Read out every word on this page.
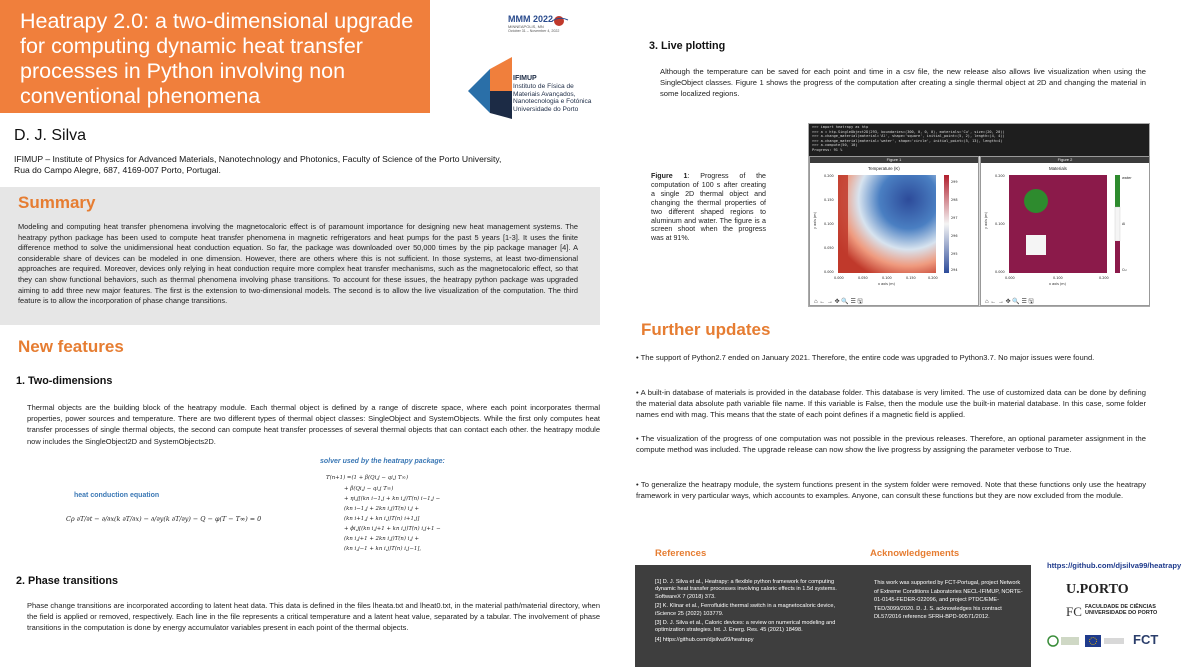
Heatrapy 2.0: a two-dimensional upgrade for computing dynamic heat transfer processes in Python involving non conventional phenomena
D. J. Silva
IFIMUP – Institute of Physics for Advanced Materials, Nanotechnology and Photonics, Faculty of Science of the Porto University, Rua do Campo Alegre, 687, 4169-007 Porto, Portugal.
MMM 2022
MINNEAPOLIS, MN
October 31 – November 4, 2022
IFIMUP
Instituto de Física de
Materiais Avançados,
Nanotecnologia e Fotónica
Universidade do Porto
Summary
Modeling and computing heat transfer phenomena involving the magnetocaloric effect is of paramount importance for designing new heat management systems. The heatrapy python package has been used to compute heat transfer phenomena in magnetic refrigerators and heat pumps for the past 5 years [1-3]. It uses the finite difference method to solve the unidimensional heat conduction equation. So far, the package was downloaded over 50,000 times by the pip package manager [4]. A considerable share of devices can be modeled in one dimension. However, there are others where this is not sufficient. In those systems, at least two-dimensional approaches are required. Moreover, devices only relying in heat conduction require more complex heat transfer mechanisms, such as the magnetocaloric effect, so that they can show functional behaviors, such as thermal phenomena involving phase transitions. To account for these issues, the heatrapy python package was upgraded aiming to add three new major features. The first is the extension to two-dimensional models. The second is to allow the live visualization of the computation. The third feature is to allow the incorporation of phase change transitions.
New features
1. Two-dimensions
Thermal objects are the building block of the heatrapy module. Each thermal object is defined by a range of discrete space, where each point incorporates thermal properties, power sources and temperature. There are two different types of thermal object classes: SingleObject and SystemObjects. While the first only computes heat transfer processes of single thermal objects, the second can compute heat transfer processes of several thermal objects that can contact each other. the heatrapy module now includes the SingleObject2D and SystemObjects2D.
solver used by the heatrapy package:
heat conduction equation
Cρ ∂T/∂t − ∂/∂x(k ∂T/∂x) − ∂/∂y(k ∂T/∂y) − Q − φ(T − T∞) = 0
T(n+1) =(1 + β(Qi,j − qi,j T∞)
+ β(Qi,j − qi,j T∞)
+ ηi,j[(kn i−1,j + kn i,j)T(n) i−1,j −
(kn i−1,j + 2kn i,j)T(n) i,j +
(kn i+1,j + kn i,j)T(n) i+1,j]
+ ϕi,j[(kn i,j+1 + kn i,j)T(n) i,j+1 −
(kn i,j+1 + 2kn i,j)T(n) i,j +
(kn i,j−1 + kn i,j)T(n) i,j−1],
2. Phase transitions
Phase change transitions are incorporated according to latent heat data. This data is defined in the files lheata.txt and lheat0.txt, in the material path/material directory, when the field is applied or removed, respectively. Each line in the file represents a critical temperature and a latent heat value, separated by a tabular. The involvement of phase transitions in the computation is done by energy accumulator variables present in each point of the thermal objects.
3. Live plotting
Although the temperature can be saved for each point and time in a csv file, the new release also allows live visualization when using the SingleObject classes. Figure 1 shows the progress of the computation after creating a single thermal object at 2D and changing the material in some localized regions.
Figure 1: Progress of the computation of 100 s after creating a single 2D thermal object and changing the thermal properties of two different shaped regions to aluminum and water. The figure is a screen shoot when the progress was at 91%.
>>> import heatrapy as htp
>>> a = htp.SingleObject2D(293, boundaries=(300, 0, 0, 0), materials='Cu', size=(20, 20))
>>> a.change_material(material='Al', shape='square', initial_point=(5, 2), length=(4, 4))
>>> a.change_material(material='water', shape='circle', initial_point=(5, 13), length=4)
>>> a.compute(50, 10)
Progress: 91 %
Figure 1
Temperature (K)
299
298
297
296
295
294
0.200
0.150
0.100
0.050
0.000
0.000	0.050	0.100	0.150	0.200
x axis (m)
y axis (m)
⌂ ← → ✥ 🔍 ☰ 🖫
Figure 2
Materials
water
Al
Cu
0.200
0.100
0.000
0.000	0.100	0.200
x axis (m)
y axis (m)
⌂ ← → ✥ 🔍 ☰ 🖫
Further updates
• The support of Python2.7 ended on January 2021. Therefore, the entire code was upgraded to Python3.7. No major issues were found.
• A built-in database of materials is provided in the database folder. This database is very limited. The use of customized data can be done by defining the material data absolute path variable file name. If this variable is False, then the module use the built-in material database. In this case, some folder names end with mag. This means that the state of each point defines if a magnetic field is applied.
• The visualization of the progress of one computation was not possible in the previous releases. Therefore, an optional parameter assignment in the compute method was included. The upgrade release can now show the live progress by assigning the parameter verbose to True.
• To generalize the heatrapy module, the system functions present in the system folder were removed. Note that these functions only use the heatrapy framework in very particular ways, which accounts to examples. Anyone, can consult these functions but they are now excluded from the module.
References	Acknowledgements
[1] D. J. Silva et al., Heatrapy: a flexible python framework for computing dynamic heat transfer processes involving caloric effects in 1.5d systems. SoftwareX 7 (2018) 373.
[2] K. Klinar et al., Ferrofluidic thermal switch in a magnetocaloric device, iScience 25 (2022) 103779.
[3] D. J. Silva et al., Caloric devices: a review on numerical modeling and optimization strategies. Int. J. Energ. Res. 45 (2021) 18498.
[4] https://github.com/djsilva99/heatrapy
This work was supported by FCT-Portugal, project Network of Extreme Conditions Laboratories NECL-IFIMUP, NORTE-01-0145-FEDER-022096, and project PTDC/EME-TED/3099/2020. D. J. S. acknowledges his contract DL57/2016 reference SFRH-BPD-90571/2012.
https://github.com/djsilva99/heatrapy
U.PORTO
FC FACULDADE DE CIÊNCIAS
UNIVERSIDADE DO PORTO
FCT
